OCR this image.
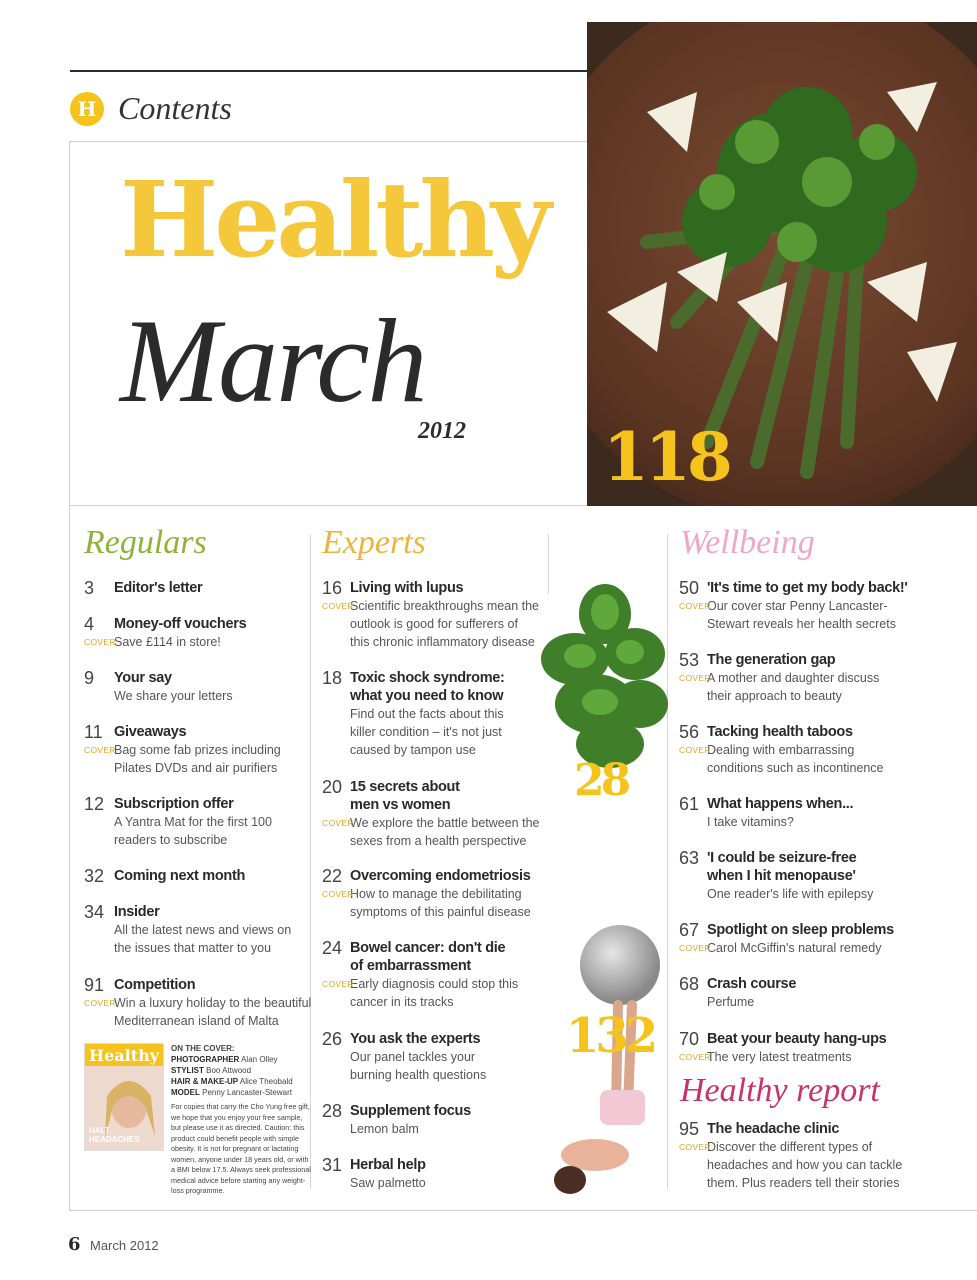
H Contents
Healthy
March
2012 118
Regulars	Experts	Wellbeing
Healthy report
28
132
3 Editor's letter
4 Money-off vouchers
Save £114 in store!
COVER
9 Your say
We share your letters
11 Giveaways
Bag some fab prizes including
Pilates DVDs and air purifiers
COVER
12 Subscription offer
A Yantra Mat for the first 100
readers to subscribe
32 Coming next month
34 Insider
All the latest news and views on
the issues that matter to you
91 Competition
Win a luxury holiday to the beautiful
Mediterranean island of Malta
COVER
16 Living with lupus
Scientific breakthroughs mean the
outlook is good for sufferers of
this chronic inflammatory disease
COVER
18 Toxic shock syndrome:
what you need to know
Find out the facts about this
killer condition – it's not just
caused by tampon use
20 15 secrets about
men vs women
We explore the battle between the
sexes from a health perspective
COVER
22 Overcoming endometriosis
How to manage the debilitating
symptoms of this painful disease
COVER
24 Bowel cancer: don't die
of embarrassment
Early diagnosis could stop this
cancer in its tracks
COVER
26 You ask the experts
Our panel tackles your
burning health questions
28 Supplement focus
Lemon balm
31 Herbal help
Saw palmetto
50 'It's time to get my body back!'
Our cover star Penny Lancaster-
Stewart reveals her health secrets
COVER
53 The generation gap
A mother and daughter discuss
their approach to beauty
COVER
56 Tacking health taboos
Dealing with embarrassing
conditions such as incontinence
COVER
61 What happens when...
I take vitamins?
63 'I could be seizure-free
when I hit menopause'
One reader's life with epilepsy
67 Spotlight on sleep problems
Carol McGiffin's natural remedy
COVER
68 Crash course
Perfume
70 Beat your beauty hang-ups
The very latest treatments
COVER
95 The headache clinic
Discover the different types of
headaches and how you can tackle
them. Plus readers tell their stories
COVER
Healthy
HALT
HEADACHES
ON THE COVER:
PHOTOGRAPHER Alan Olley
STYLIST Boo Attwood
HAIR & MAKE-UP Alice Theobald
MODEL Penny Lancaster-Stewart
For copies that carry the Cho Yung free gift, we hope that you enjoy your free sample, but please use it as directed. Caution: this product could benefit people with simple obesity. It is not for pregnant or lactating women, anyone under 18 years old, or with a BMI below 17.5. Always seek professional medical advice before starting any weight-loss programme.
6 March 2012
